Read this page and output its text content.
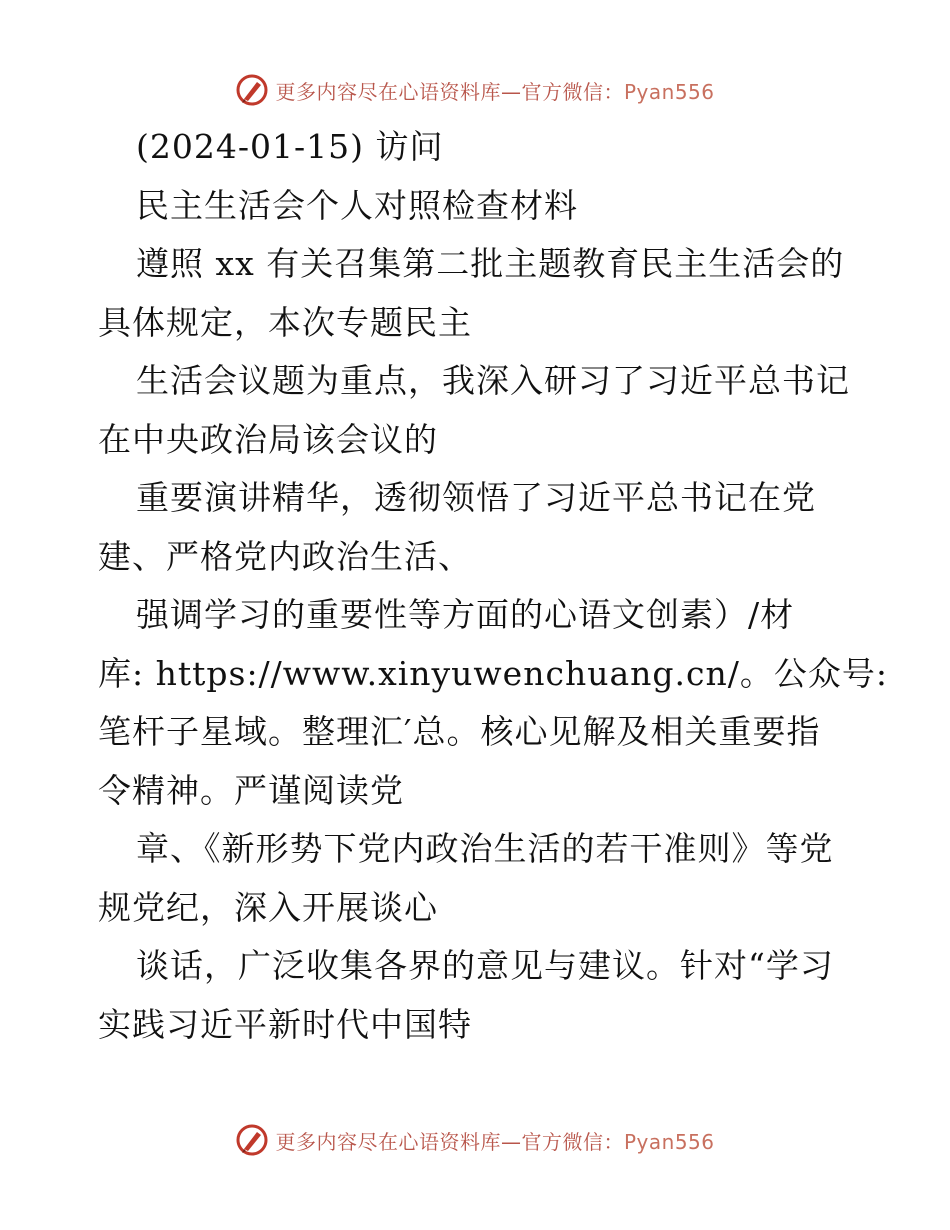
更多内容尽在心语资料库—官方微信：Pyan556
(2024-01-15) 访问
民主生活会个人对照检查材料
遵照 xx 有关召集第二批主题教育民主生活会的
具体规定，本次专题民主
生活会议题为重点，我深入研习了习近平总书记
在中央政治局该会议的
重要演讲精华，透彻领悟了习近平总书记在党
建、严格党内政治生活、
强调学习的重要性等方面的心语文创素）/材
库: https://www.xinyuwenchuang.cn/。公众号:
笔杆子星域。整理汇′总。核心见解及相关重要指
令精神。严谨阅读党
章、《新形势下党内政治生活的若干准则》等党
规党纪，深入开展谈心
谈话，广泛收集各界的意见与建议。针对“学习
实践习近平新时代中国特
更多内容尽在心语资料库—官方微信：Pyan556
